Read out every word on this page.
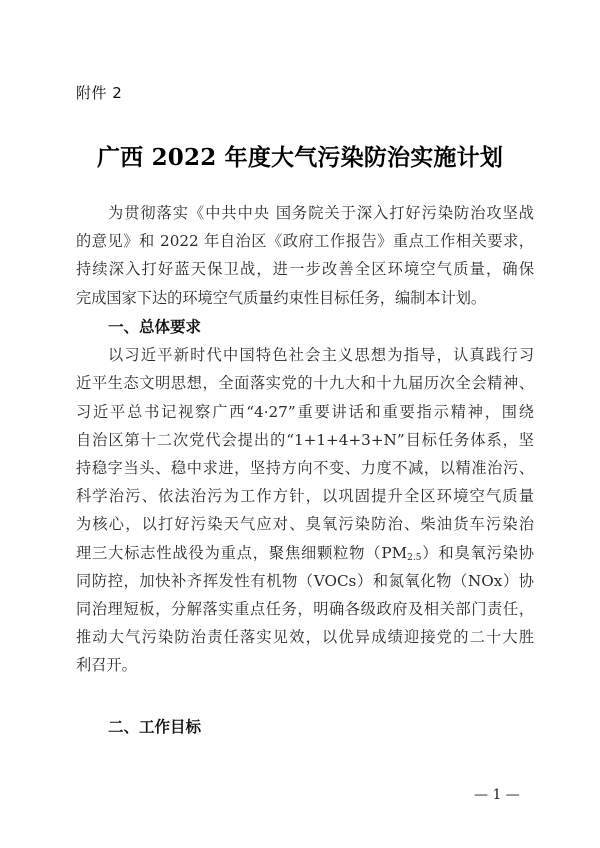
附件 2
广西 2022 年度大气污染防治实施计划
为贯彻落实《中共中央 国务院关于深入打好污染防治攻坚战
的意见》和 2022 年自治区《政府工作报告》重点工作相关要求，
持续深入打好蓝天保卫战，进一步改善全区环境空气质量，确保
完成国家下达的环境空气质量约束性目标任务，编制本计划。
一、总体要求
以习近平新时代中国特色社会主义思想为指导，认真践行习
近平生态文明思想，全面落实党的十九大和十九届历次全会精神、
习近平总书记视察广西“4·27”重要讲话和重要指示精神，围绕
自治区第十二次党代会提出的“1+1+4+3+N”目标任务体系，坚
持稳字当头、稳中求进，坚持方向不变、力度不减，以精准治污、
科学治污、依法治污为工作方针，以巩固提升全区环境空气质量
为核心，以打好污染天气应对、臭氧污染防治、柴油货车污染治
理三大标志性战役为重点，聚焦细颗粒物$(PM_{2.5})$和臭氧污染协
同防控，加快补齐挥发性有机物（VOCs）和氮氧化物（NOx）协
同治理短板，分解落实重点任务，明确各级政府及相关部门责任，
推动大气污染防治责任落实见效，以优异成绩迎接党的二十大胜
利召开。
二、工作目标
— 1 —
